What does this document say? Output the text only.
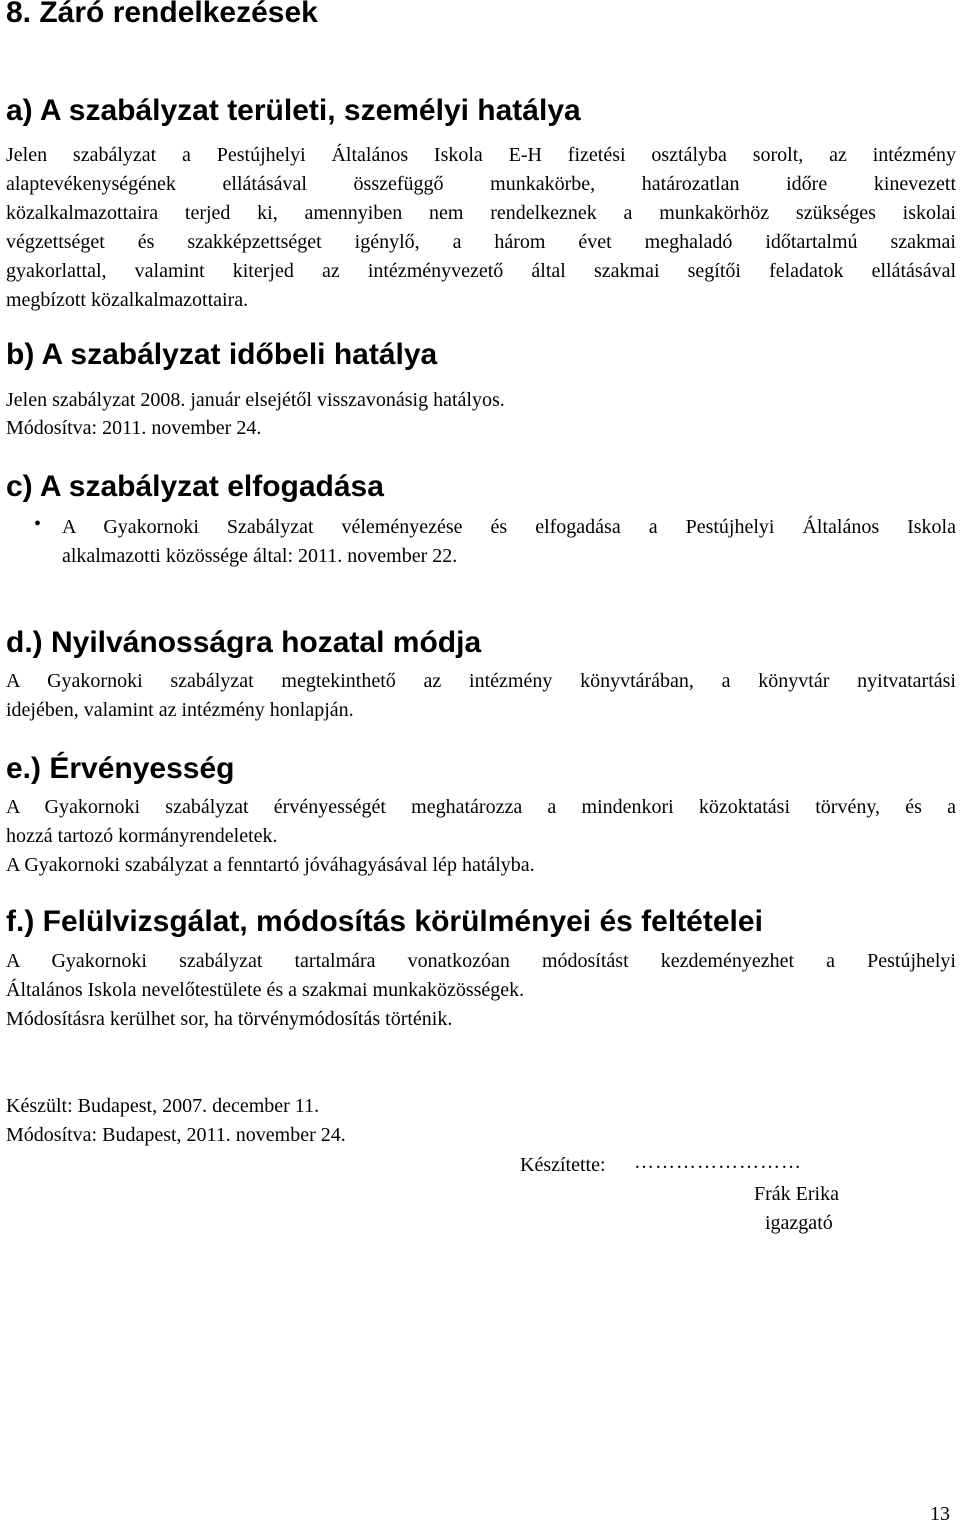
8. Záró rendelkezések
a) A szabályzat területi, személyi hatálya

Jelen szabályzat a Pestújhelyi Általános Iskola E-H fizetési osztályba sorolt, az intézmény

alaptevékenységének ellátásával összefüggő munkakörbe, határozatlan időre kinevezett

közalkalmazottaira terjed ki, amennyiben nem rendelkeznek a munkakörhöz szükséges iskolai

végzettséget és szakképzettséget igénylő, a három évet meghaladó időtartalmú szakmai

gyakorlattal, valamint kiterjed az intézményvezető által szakmai segítői feladatok ellátásával

megbízott közalkalmazottaira.

b) A szabályzat időbeli hatálya

Jelen szabályzat 2008. január elsejétől visszavonásig hatályos.

Módosítva: 2011. november 24.

c) A szabályzat elfogadása
• A Gyakornoki Szabályzat véleményezése és elfogadása a Pestújhelyi Általános Iskola

alkalmazotti közössége által: 2011. november 22.

d.) Nyilvánosságra hozatal módja

A Gyakornoki szabályzat megtekinthető az intézmény könyvtárában, a könyvtár nyitvatartási

idejében, valamint az intézmény honlapján.

e.) Érvényesség

A Gyakornoki szabályzat érvényességét meghatározza a mindenkori közoktatási törvény, és a

hozzá tartozó kormányrendeletek.

A Gyakornoki szabályzat a fenntartó jóváhagyásával lép hatályba.

f.) Felülvizsgálat, módosítás körülményei és feltételei

A Gyakornoki szabályzat tartalmára vonatkozóan módosítást kezdeményezhet a Pestújhelyi

Általános Iskola nevelőtestülete és a szakmai munkaközösségek.

Módosításra kerülhet sor, ha törvénymódosítás történik.

Készült: Budapest, 2007. december 11.

Módosítva: Budapest, 2011. november 24.

Készítette: ……………………

Frák Erika

igazgató

13
